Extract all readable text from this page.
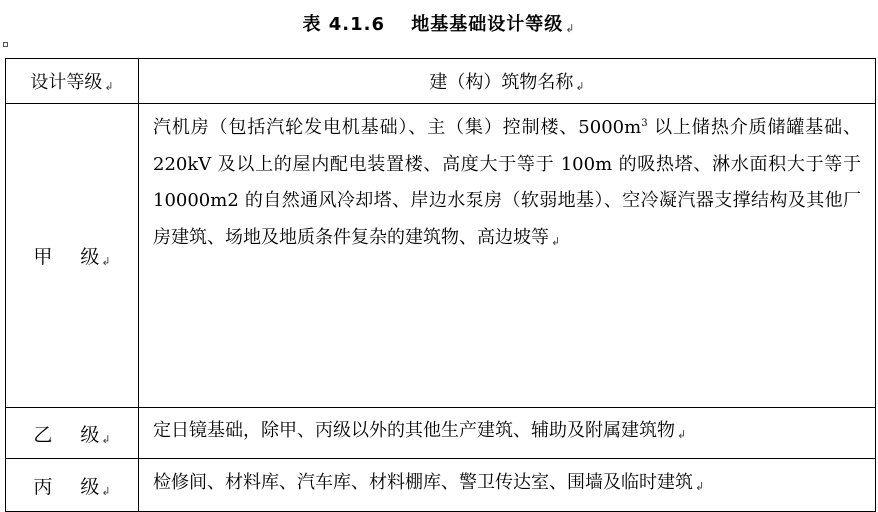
表 4.1.6　 地基基础设计等级 ↲
设计等级 ↲	建（构）筑物名称 ↲
甲 级 ↲	汽机房（包括汽轮发电机基础）、主（集）控制楼、$5000m^3$ 以上储热介质储罐基础、220kV 及以上的屋内配电装置楼、高度大于等于 100m 的吸热塔、淋水面积大于等于 10000m2 的自然通风冷却塔、岸边水泵房（软弱地基）、空冷凝汽器支撑结构及其他厂房建筑、场地及地质条件复杂的建筑物、高边坡等 ↲
乙 级 ↲	定日镜基础，除甲、丙级以外的其他生产建筑、辅助及附属建筑物 ↲
丙 级 ↲	检修间、材料库、汽车库、材料棚库、警卫传达室、围墙及临时建筑 ↲
